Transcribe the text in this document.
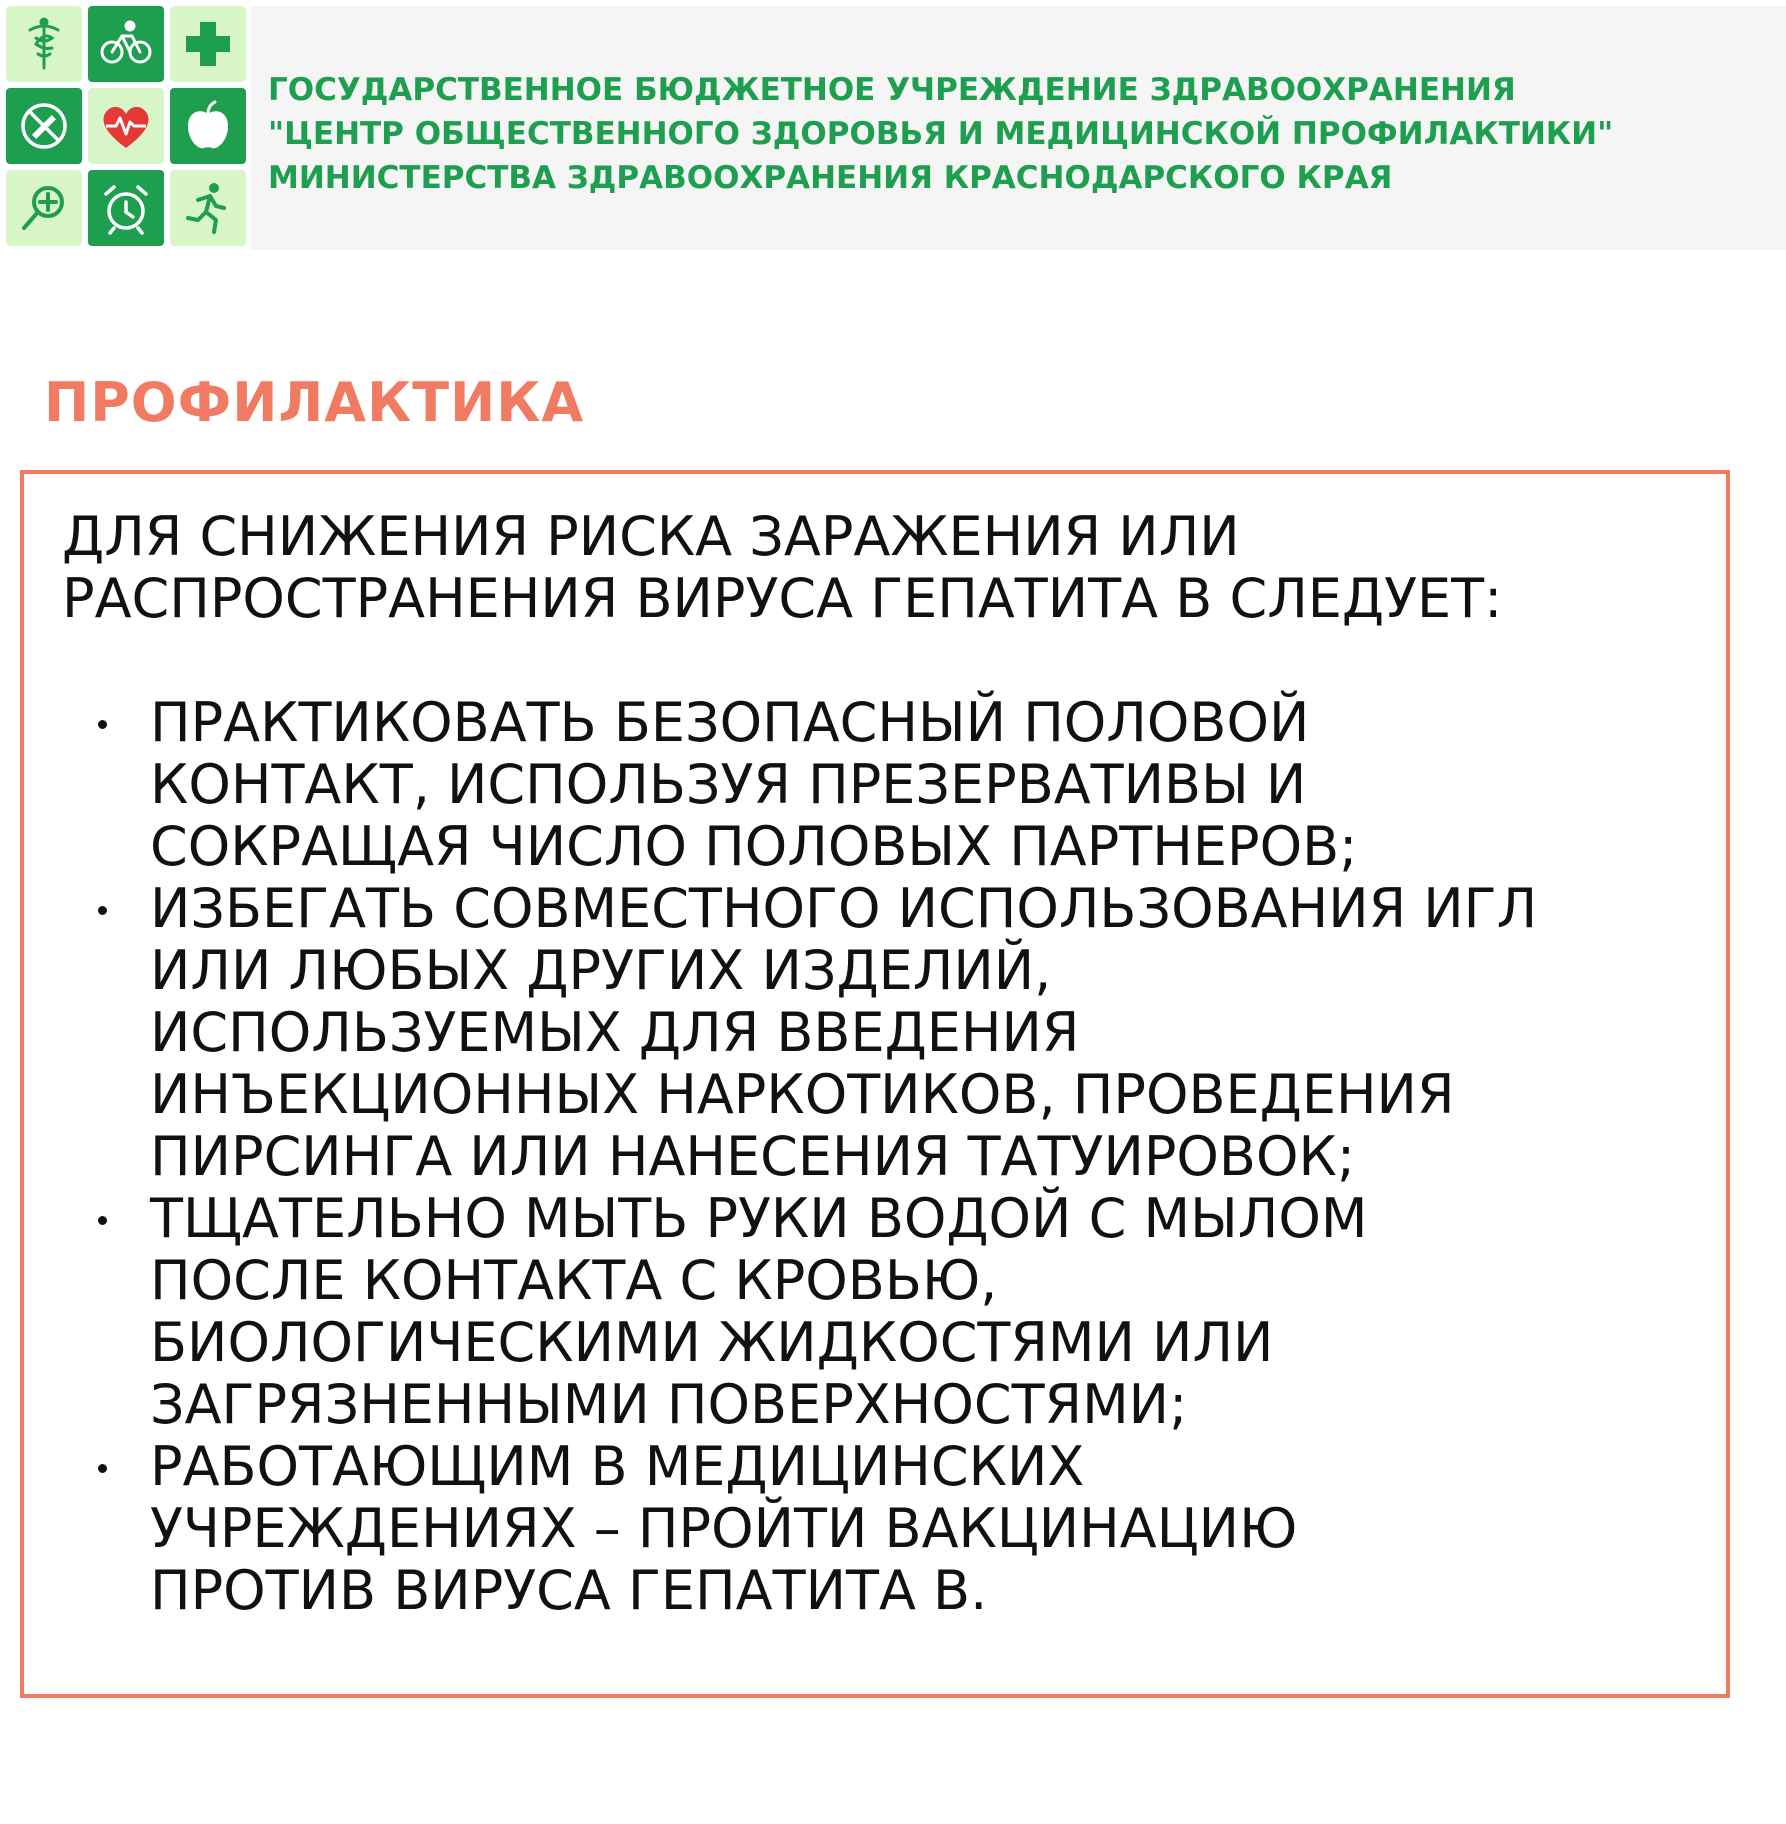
ГОСУДАРСТВЕННОЕ БЮДЖЕТНОЕ УЧРЕЖДЕНИЕ ЗДРАВООХРАНЕНИЯ
"ЦЕНТР ОБЩЕСТВЕННОГО ЗДОРОВЬЯ И МЕДИЦИНСКОЙ ПРОФИЛАКТИКИ"
МИНИСТЕРСТВА ЗДРАВООХРАНЕНИЯ КРАСНОДАРСКОГО КРАЯ
ПРОФИЛАКТИКА
ДЛЯ СНИЖЕНИЯ РИСКА ЗАРАЖЕНИЯ ИЛИ
РАСПРОСТРАНЕНИЯ ВИРУСА ГЕПАТИТА В СЛЕДУЕТ:
ПРАКТИКОВАТЬ БЕЗОПАСНЫЙ ПОЛОВОЙ
КОНТАКТ, ИСПОЛЬЗУЯ ПРЕЗЕРВАТИВЫ И
СОКРАЩАЯ ЧИСЛО ПОЛОВЫХ ПАРТНЕРОВ;
ИЗБЕГАТЬ СОВМЕСТНОГО ИСПОЛЬЗОВАНИЯ ИГЛ
ИЛИ ЛЮБЫХ ДРУГИХ ИЗДЕЛИЙ,
ИСПОЛЬЗУЕМЫХ ДЛЯ ВВЕДЕНИЯ
ИНЪЕКЦИОННЫХ НАРКОТИКОВ, ПРОВЕДЕНИЯ
ПИРСИНГА ИЛИ НАНЕСЕНИЯ ТАТУИРОВОК;
ТЩАТЕЛЬНО МЫТЬ РУКИ ВОДОЙ С МЫЛОМ
ПОСЛЕ КОНТАКТА С КРОВЬЮ,
БИОЛОГИЧЕСКИМИ ЖИДКОСТЯМИ ИЛИ
ЗАГРЯЗНЕННЫМИ ПОВЕРХНОСТЯМИ;
РАБОТАЮЩИМ В МЕДИЦИНСКИХ
УЧРЕЖДЕНИЯХ – ПРОЙТИ ВАКЦИНАЦИЮ
ПРОТИВ ВИРУСА ГЕПАТИТА В.
